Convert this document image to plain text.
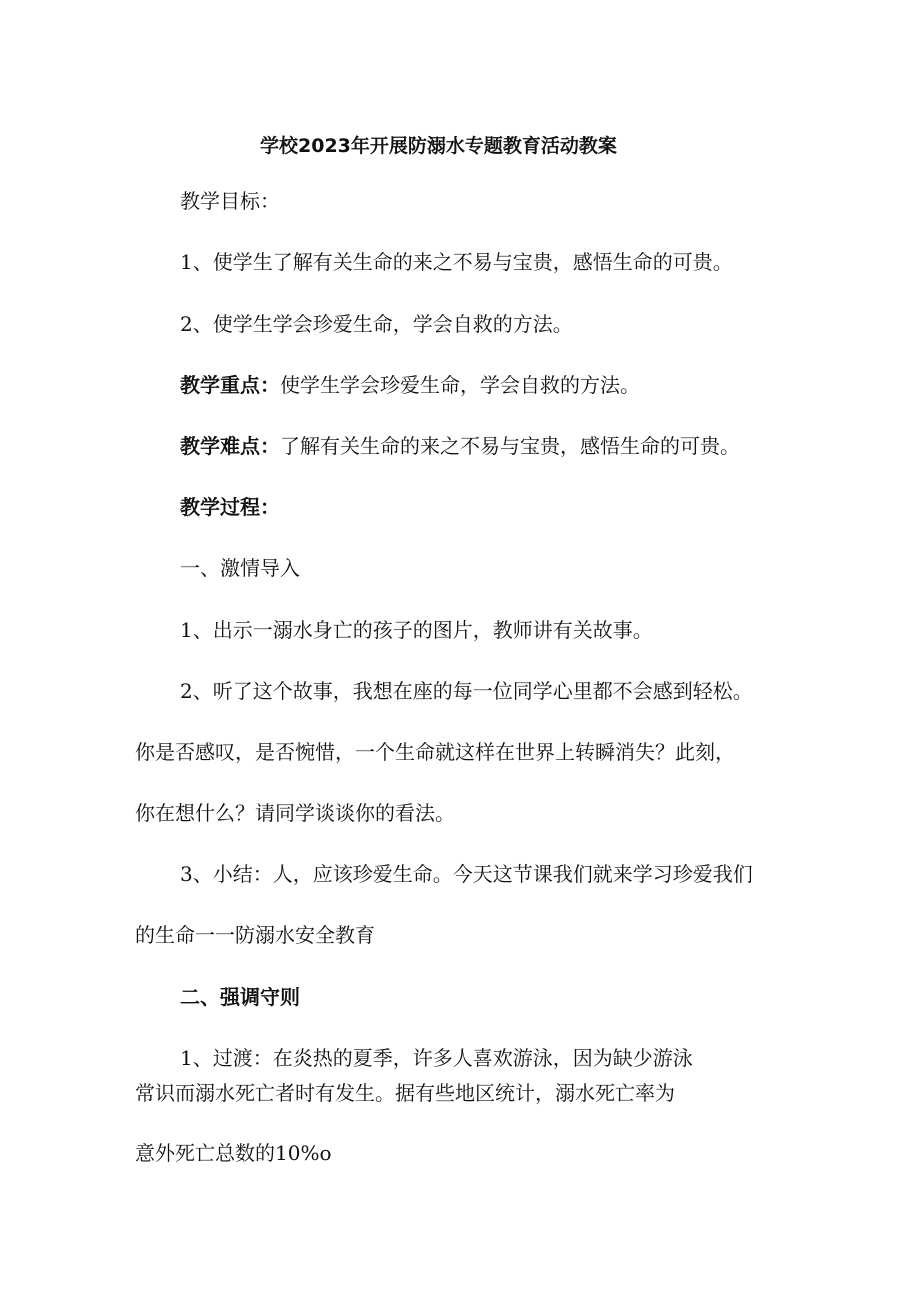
学校2023年开展防溺水专题教育活动教案
教学目标：
1、使学生了解有关生命的来之不易与宝贵，感悟生命的可贵。
2、使学生学会珍爱生命，学会自救的方法。
教学重点：使学生学会珍爱生命，学会自救的方法。
教学难点：了解有关生命的来之不易与宝贵，感悟生命的可贵。
教学过程：
一、激情导入
1、出示一溺水身亡的孩子的图片，教师讲有关故事。
2、听了这个故事，我想在座的每一位同学心里都不会感到轻松。
你是否感叹，是否惋惜，一个生命就这样在世界上转瞬消失？此刻，
你在想什么？请同学谈谈你的看法。
3、小结：人，应该珍爱生命。今天这节课我们就来学习珍爱我们
的生命一一防溺水安全教育
二、强调守则
1、过渡：在炎热的夏季，许多人喜欢游泳，因为缺少游泳
常识而溺水死亡者时有发生。据有些地区统计，溺水死亡率为
意外死亡总数的10%o
